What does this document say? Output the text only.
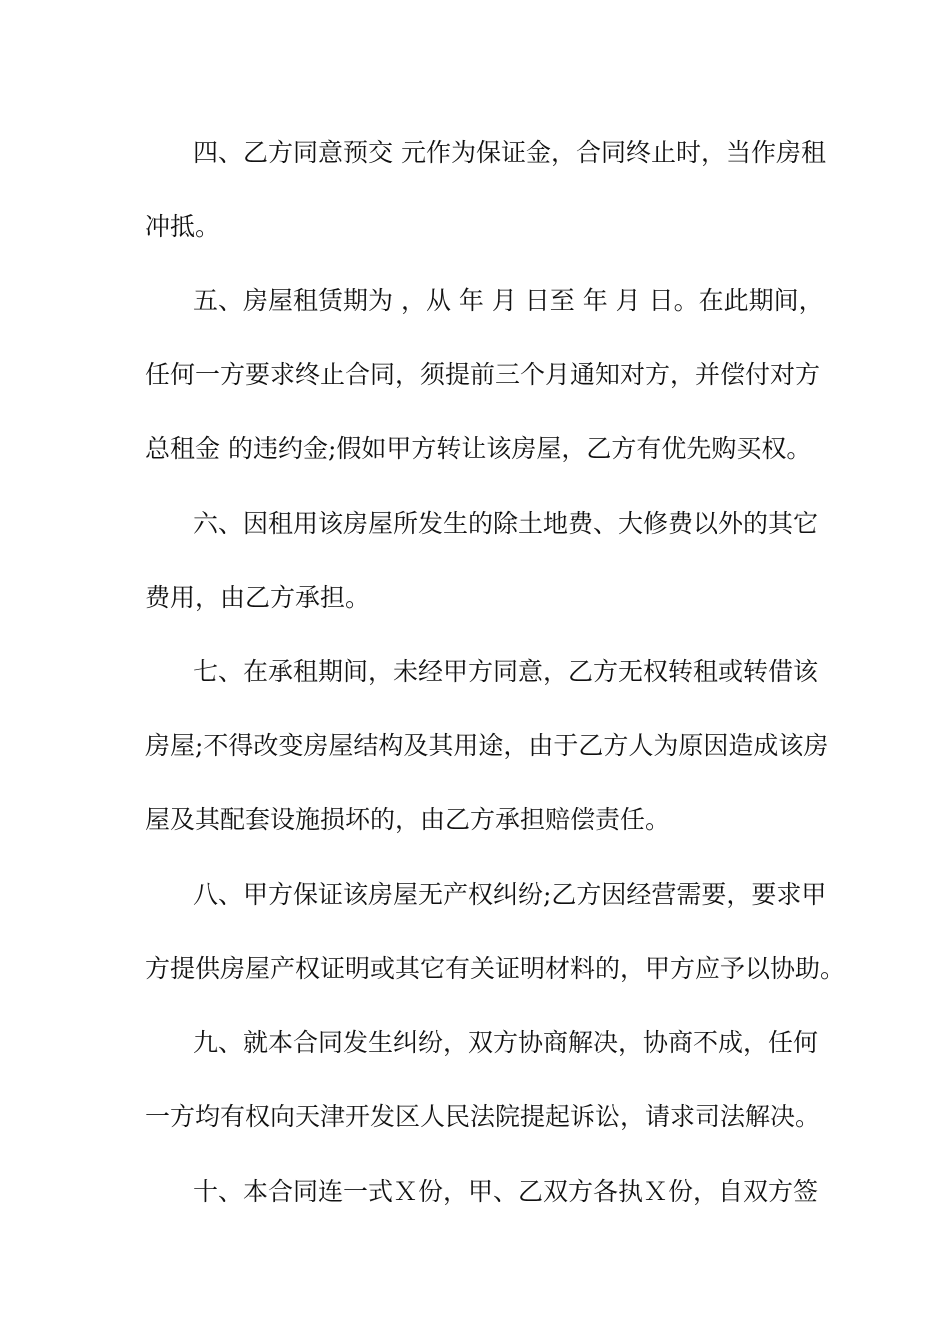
四、乙方同意预交 元作为保证金，合同终止时，当作房租
冲抵。
五、房屋租赁期为 ，从 年 月 日至 年 月 日。在此期间，
任何一方要求终止合同，须提前三个月通知对方，并偿付对方
总租金 的违约金;假如甲方转让该房屋，乙方有优先购买权。
六、因租用该房屋所发生的除土地费、大修费以外的其它
费用，由乙方承担。
七、在承租期间，未经甲方同意，乙方无权转租或转借该
房屋;不得改变房屋结构及其用途，由于乙方人为原因造成该房
屋及其配套设施损坏的，由乙方承担赔偿责任。
八、甲方保证该房屋无产权纠纷;乙方因经营需要，要求甲
方提供房屋产权证明或其它有关证明材料的，甲方应予以协助。
九、就本合同发生纠纷，双方协商解决，协商不成，任何
一方均有权向天津开发区人民法院提起诉讼，请求司法解决。
十、本合同连一式Ｘ份，甲、乙双方各执Ｘ份，自双方签
